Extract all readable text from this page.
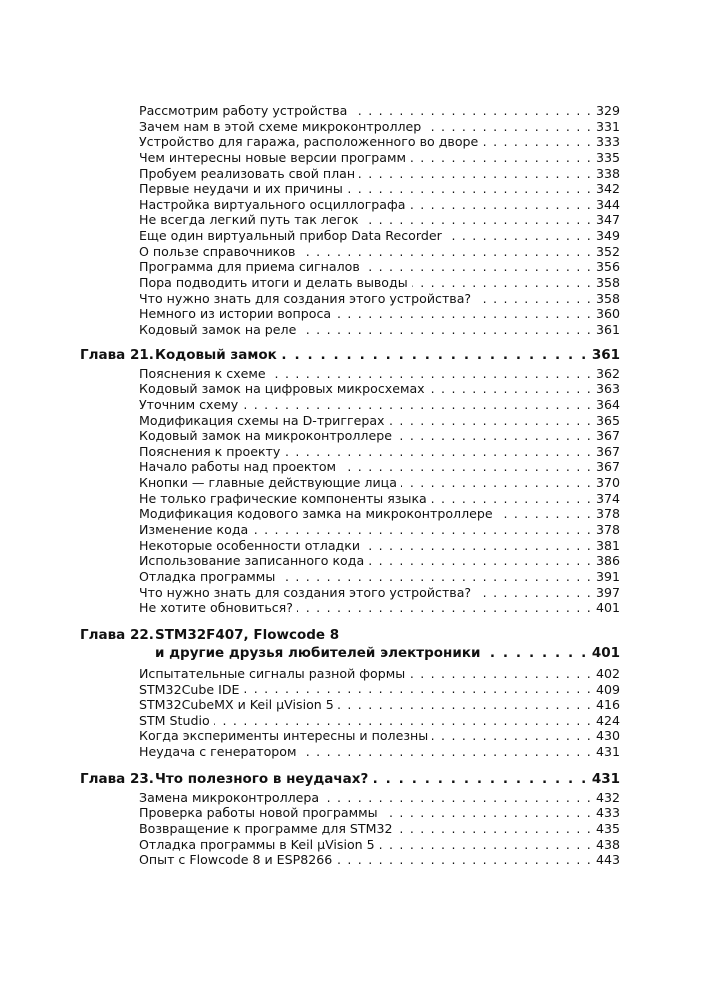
Рассмотрим работу устройства . . .	329
Зачем нам в этой схеме микроконтроллер . . .	331
Устройство для гаража, расположенного во дворе . . .	333
Чем интересны новые версии программ . . .	335
Пробуем реализовать свой план . . .	338
Первые неудачи и их причины . . .	342
Настройка виртуального осциллографа . . .	344
Не всегда легкий путь так легок . . .	347
Еще один виртуальный прибор Data Recorder . . .	349
О пользе справочников . . .	352
Программа для приема сигналов . . .	356
Пора подводить итоги и делать выводы . . .	358
Что нужно знать для создания этого устройства? . . .	358
Немного из истории вопроса . . .	360
Кодовый замок на реле . . .	361
Глава 21. Кодовый замок . . .	361
Пояснения к схеме . . .	362
Кодовый замок на цифровых микросхемах . . .	363
Уточним схему . . .	364
Модификация схемы на D-триггерах . . .	365
Кодовый замок на микроконтроллере . . .	367
Пояснения к проекту . . .	367
Начало работы над проектом . . .	367
Кнопки — главные действующие лица . . .	370
Не только графические компоненты языка . . .	374
Модификация кодового замка на микроконтроллере . . .	378
Изменение кода . . .	378
Некоторые особенности отладки . . .	381
Использование записанного кода . . .	386
Отладка программы . . .	391
Что нужно знать для создания этого устройства? . . .	397
Не хотите обновиться? . . .	401
Глава 22. STM32F407, Flowcode 8
и другие друзья любителей электроники . . .	401
Испытательные сигналы разной формы . . .	402
STM32Cube IDE . . .	409
STM32CubeMX и Keil µVision 5 . . .	416
STM Studio . . .	424
Когда эксперименты интересны и полезны . . .	430
Неудача с генератором . . .	431
Глава 23. Что полезного в неудачах? . . .	431
Замена микроконтроллера . . .	432
Проверка работы новой программы . . .	433
Возвращение к программе для STM32 . . .	435
Отладка программы в Keil µVision 5 . . .	438
Опыт с Flowcode 8 и ESP8266 . . .	443
